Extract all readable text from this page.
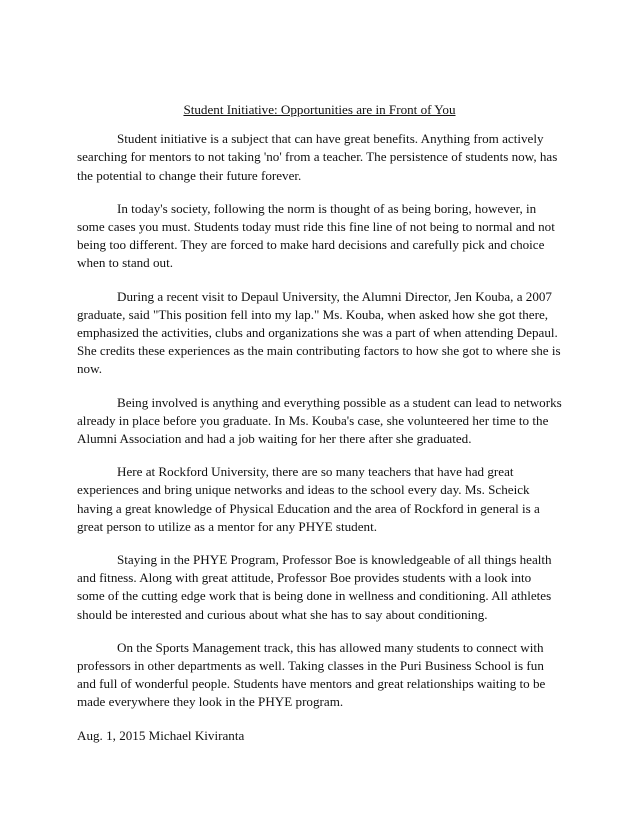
Student Initiative: Opportunities are in Front of You

Student initiative is a subject that can have great benefits. Anything from actively searching for mentors to not taking 'no' from a teacher. The persistence of students now, has the potential to change their future forever.

In today's society, following the norm is thought of as being boring, however, in some cases you must. Students today must ride this fine line of not being to normal and not being too different. They are forced to make hard decisions and carefully pick and choice when to stand out.

During a recent visit to Depaul University, the Alumni Director, Jen Kouba, a 2007 graduate, said "This position fell into my lap." Ms. Kouba, when asked how she got there, emphasized the activities, clubs and organizations she was a part of when attending Depaul. She credits these experiences as the main contributing factors to how she got to where she is now.

Being involved is anything and everything possible as a student can lead to networks already in place before you graduate. In Ms. Kouba's case, she volunteered her time to the Alumni Association and had a job waiting for her there after she graduated.

Here at Rockford University, there are so many teachers that have had great experiences and bring unique networks and ideas to the school every day. Ms. Scheick having a great knowledge of Physical Education and the area of Rockford in general is a great person to utilize as a mentor for any PHYE student.

Staying in the PHYE Program, Professor Boe is knowledgeable of all things health and fitness. Along with great attitude, Professor Boe provides students with a look into some of the cutting edge work that is being done in wellness and conditioning. All athletes should be interested and curious about what she has to say about conditioning.

On the Sports Management track, this has allowed many students to connect with professors in other departments as well. Taking classes in the Puri Business School is fun and full of wonderful people. Students have mentors and great relationships waiting to be made everywhere they look in the PHYE program.

Aug. 1, 2015 Michael Kiviranta
